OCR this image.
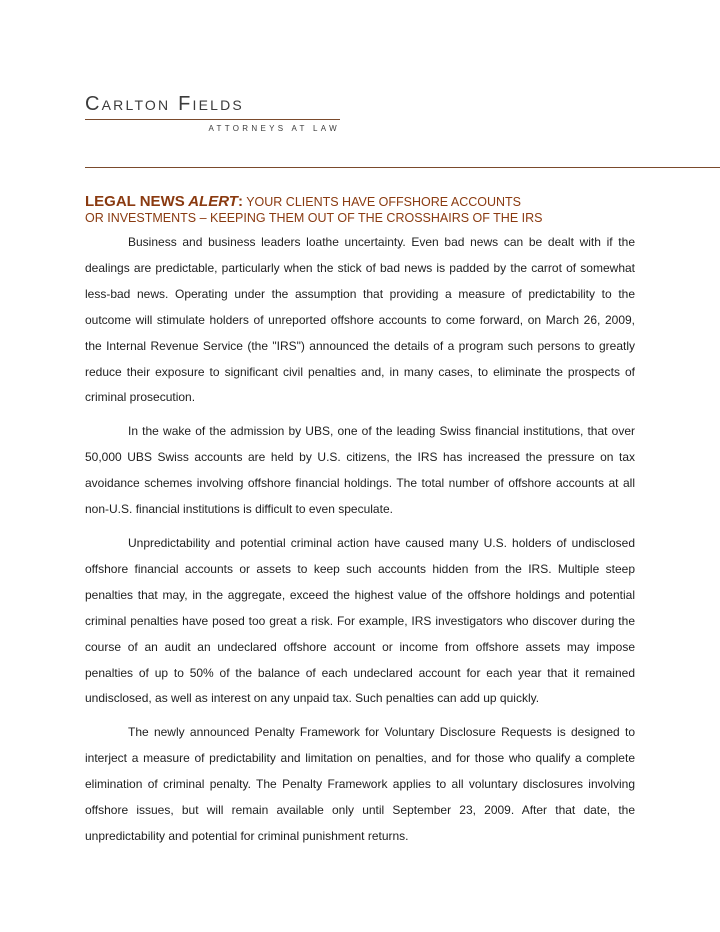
Carlton Fields
ATTORNEYS AT LAW
LEGAL NEWS ALERT: YOUR CLIENTS HAVE OFFSHORE ACCOUNTS
OR INVESTMENTS – KEEPING THEM OUT OF THE CROSSHAIRS OF THE IRS

Business and business leaders loathe uncertainty. Even bad news can be dealt with if the dealings are predictable, particularly when the stick of bad news is padded by the carrot of somewhat less-bad news. Operating under the assumption that providing a measure of predictability to the outcome will stimulate holders of unreported offshore accounts to come forward, on March 26, 2009, the Internal Revenue Service (the "IRS") announced the details of a program such persons to greatly reduce their exposure to significant civil penalties and, in many cases, to eliminate the prospects of criminal prosecution.

In the wake of the admission by UBS, one of the leading Swiss financial institutions, that over 50,000 UBS Swiss accounts are held by U.S. citizens, the IRS has increased the pressure on tax avoidance schemes involving offshore financial holdings. The total number of offshore accounts at all non-U.S. financial institutions is difficult to even speculate.

Unpredictability and potential criminal action have caused many U.S. holders of undisclosed offshore financial accounts or assets to keep such accounts hidden from the IRS. Multiple steep penalties that may, in the aggregate, exceed the highest value of the offshore holdings and potential criminal penalties have posed too great a risk. For example, IRS investigators who discover during the course of an audit an undeclared offshore account or income from offshore assets may impose penalties of up to 50% of the balance of each undeclared account for each year that it remained undisclosed, as well as interest on any unpaid tax. Such penalties can add up quickly.

The newly announced Penalty Framework for Voluntary Disclosure Requests is designed to interject a measure of predictability and limitation on penalties, and for those who qualify a complete elimination of criminal penalty. The Penalty Framework applies to all voluntary disclosures involving offshore issues, but will remain available only until September 23, 2009. After that date, the unpredictability and potential for criminal punishment returns.
